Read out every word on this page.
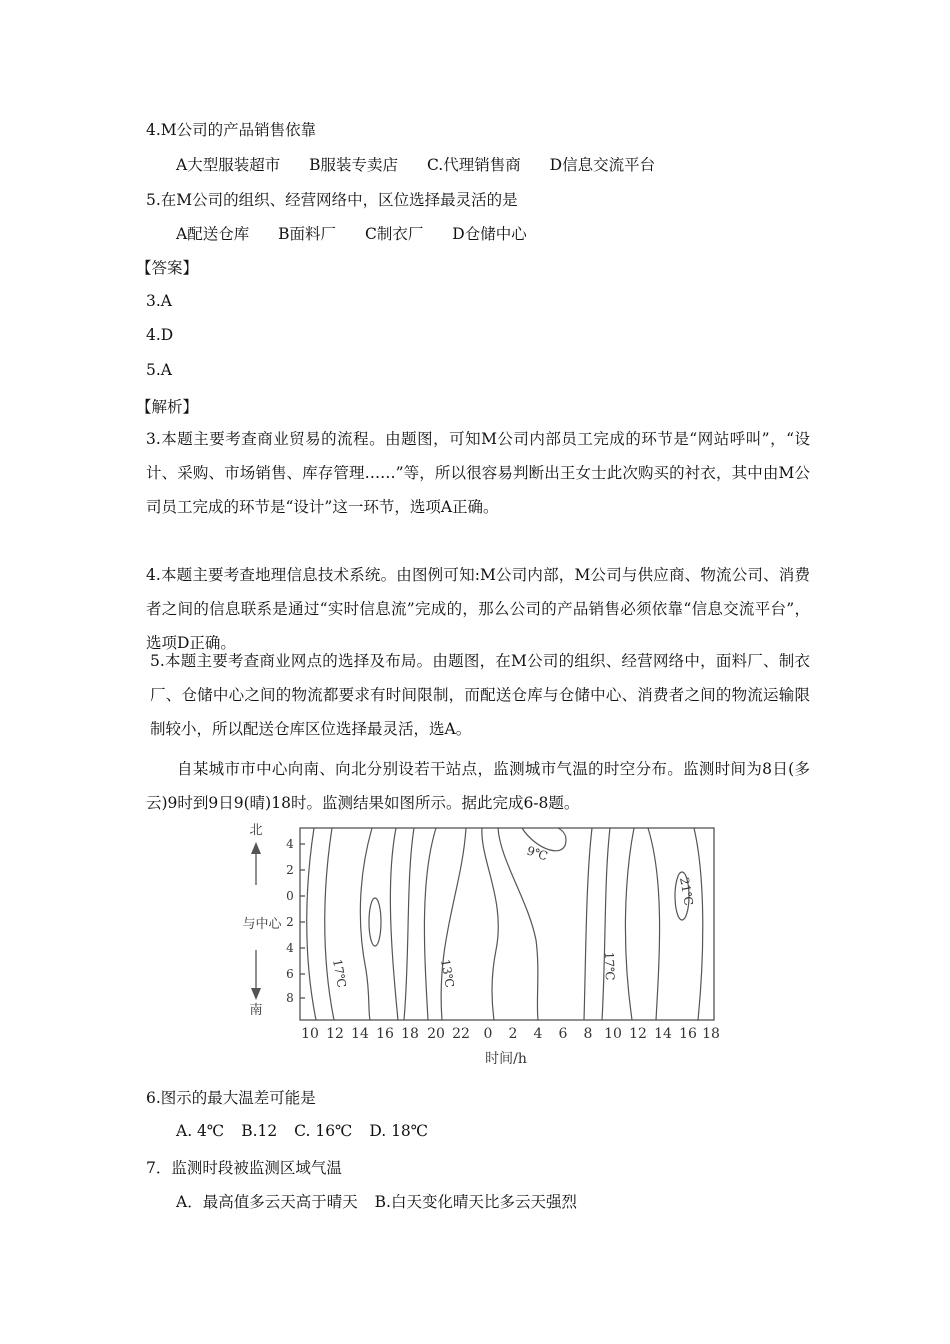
4.M公司的产品销售依靠
A大型服装超市 B服装专卖店 C.代理销售商 D信息交流平台
5.在M公司的组织、经营网络中，区位选择最灵活的是
A配送仓库 B面料厂 C制衣厂 D仓储中心
【答案】
3.A
4.D
5.A
【解析】
3.本题主要考查商业贸易的流程。由题图，可知M公司内部员工完成的环节是“网站呼叫”，“设计、采购、市场销售、库存管理……”等，所以很容易判断出王女士此次购买的衬衣，其中由M公司员工完成的环节是“设计”这一环节，选项A正确。
4.本题主要考查地理信息技术系统。由图例可知:M公司内部，M公司与供应商、物流公司、消费者之间的信息联系是通过“实时信息流”完成的，那么公司的产品销售必须依靠“信息交流平台”，选项D正确。
5.本题主要考查商业网点的选择及布局。由题图，在M公司的组织、经营网络中，面料厂、制衣厂、仓储中心之间的物流都要求有时间限制，而配送仓库与仓储中心、消费者之间的物流运输限制较小，所以配送仓库区位选择最灵活，选A。
自某城市市中心向南、向北分别设若干站点，监测城市气温的时空分布。监测时间为8日(多云)9时到9日9(晴)18时。监测结果如图所示。据此完成6-8题。
北
与中心
南
4
2
0
2
4
6
8
10 12 14 16 18 20 22 0 2 4 6 8 10 12 14 16 18
时间/h
9℃
17℃	13℃	17℃
21℃
6.图示的最大温差可能是
A. 4℃ B.12 C. 16℃ D. 18℃
7．监测时段被监测区域气温
A．最高值多云天高于晴天 B.白天变化晴天比多云天强烈
